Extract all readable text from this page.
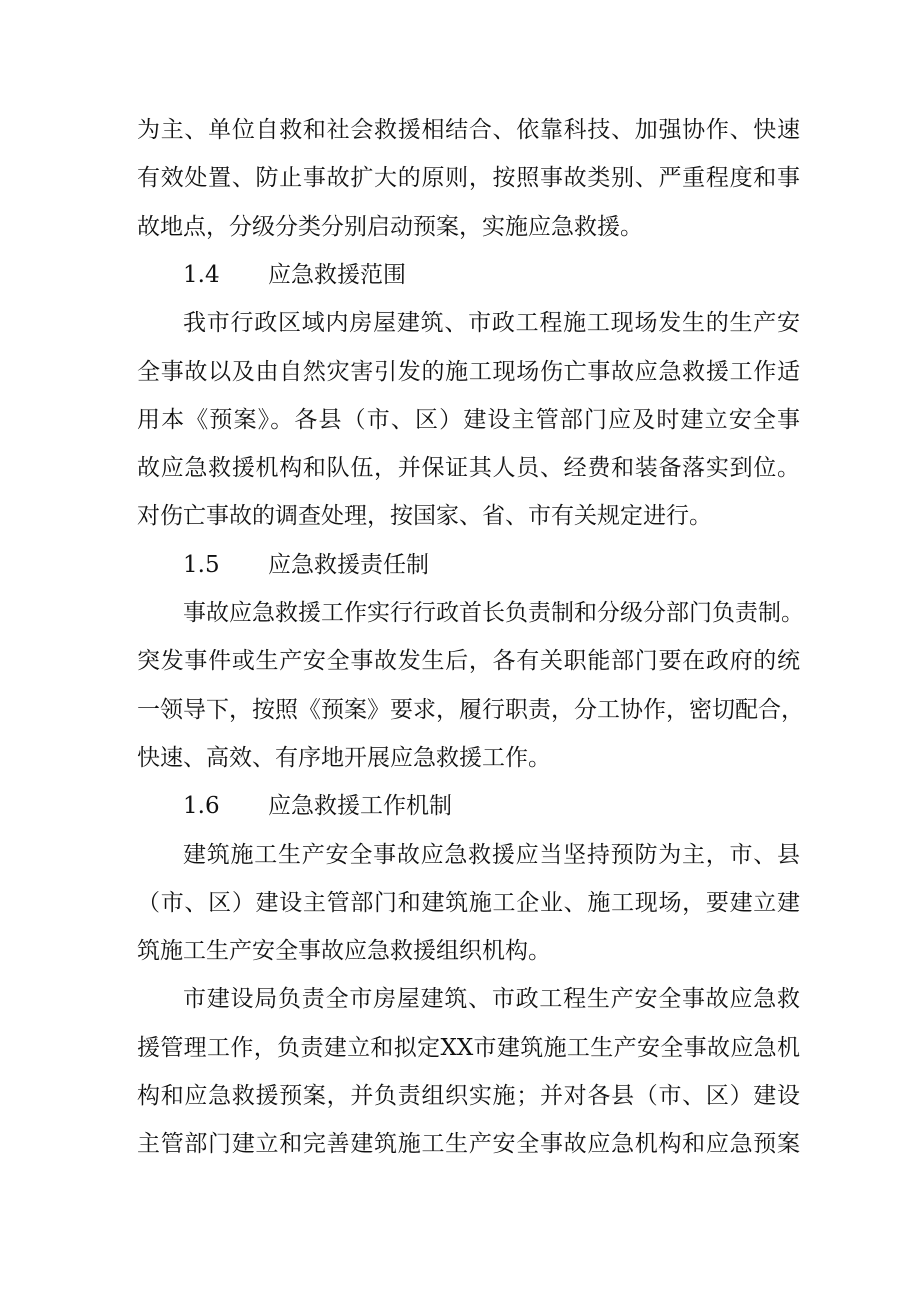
为主、单位自救和社会救援相结合、依靠科技、加强协作、快速
有效处置、防止事故扩大的原则，按照事故类别、严重程度和事
故地点，分级分类分别启动预案，实施应急救援。
1.4 应急救援范围
我市行政区域内房屋建筑、市政工程施工现场发生的生产安
全事故以及由自然灾害引发的施工现场伤亡事故应急救援工作适
用本《预案》。各县（市、区）建设主管部门应及时建立安全事
故应急救援机构和队伍，并保证其人员、经费和装备落实到位。
对伤亡事故的调查处理，按国家、省、市有关规定进行。
1.5 应急救援责任制
事故应急救援工作实行行政首长负责制和分级分部门负责制。
突发事件或生产安全事故发生后，各有关职能部门要在政府的统
一领导下，按照《预案》要求，履行职责，分工协作，密切配合，
快速、高效、有序地开展应急救援工作。
1.6 应急救援工作机制
建筑施工生产安全事故应急救援应当坚持预防为主，市、县
（市、区）建设主管部门和建筑施工企业、施工现场，要建立建
筑施工生产安全事故应急救援组织机构。
市建设局负责全市房屋建筑、市政工程生产安全事故应急救
援管理工作，负责建立和拟定XX市建筑施工生产安全事故应急机
构和应急救援预案，并负责组织实施；并对各县（市、区）建设
主管部门建立和完善建筑施工生产安全事故应急机构和应急预案
